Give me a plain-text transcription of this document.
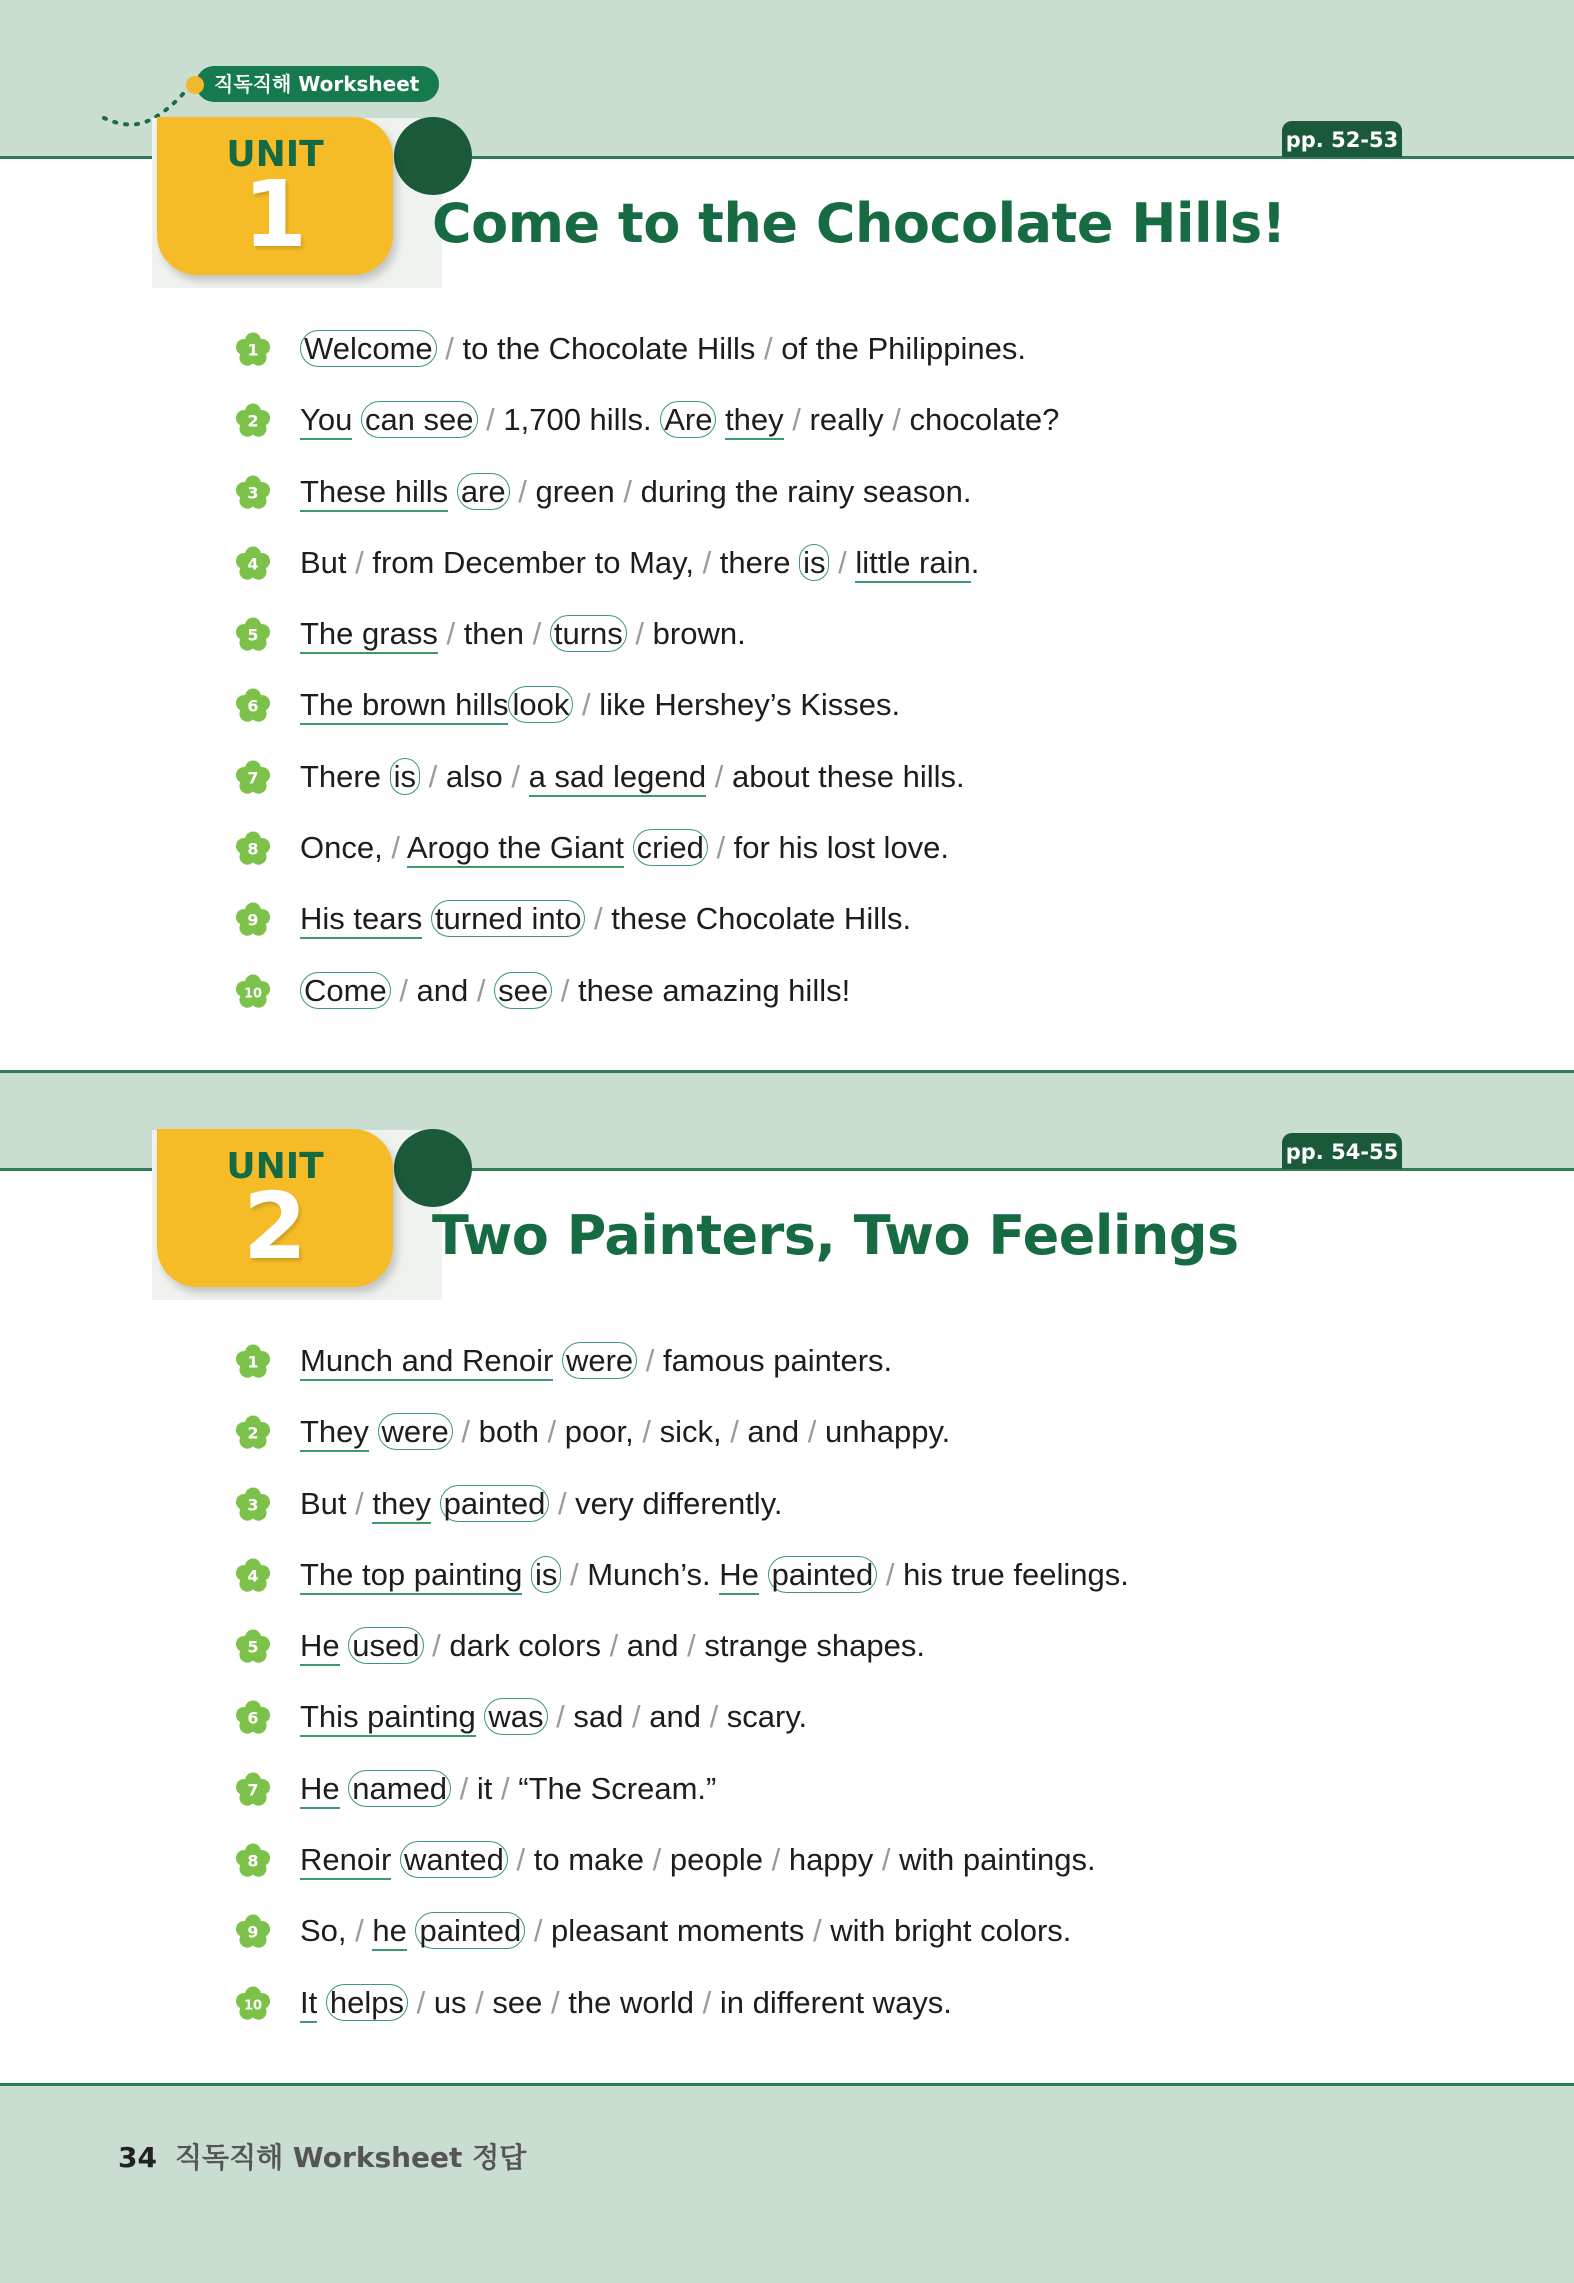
직독직해 Worksheet
pp. 52-53
UNIT
1	Come to the Chocolate Hills!
1 Welcome / to the Chocolate Hills / of the Philippines.
2 You can see / 1,700 hills. Are they / really / chocolate?
3 These hills are / green / during the rainy season.
4 But / from December to May, / there is / little rain.
5 The grass / then / turns / brown.
6 The brown hills look / like Hershey’s Kisses.
7 There is / also / a sad legend / about these hills.
8 Once, / Arogo the Giant cried / for his lost love.
9 His tears turned into / these Chocolate Hills.
10 Come / and / see / these amazing hills!
pp. 54-55
UNIT
2	Two Painters, Two Feelings
1 Munch and Renoir were / famous painters.
2 They were / both / poor, / sick, / and / unhappy.
3 But / they painted / very differently.
4 The top painting is / Munch’s. He painted / his true feelings.
5 He used / dark colors / and / strange shapes.
6 This painting was / sad / and / scary.
7 He named / it / “The Scream.”
8 Renoir wanted / to make / people / happy / with paintings.
9 So, / he painted / pleasant moments / with bright colors.
10 It helps / us / see / the world / in different ways.
34 직독직해 Worksheet 정답
